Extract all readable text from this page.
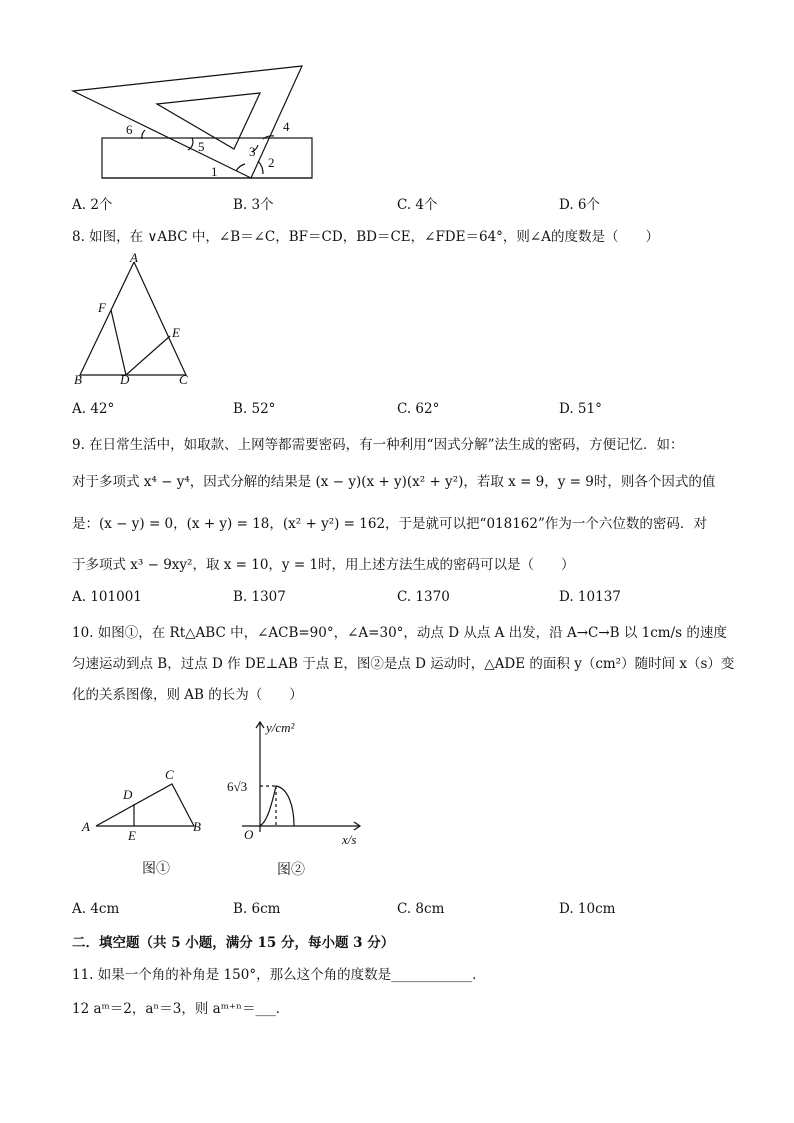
6
5	3
4
2
1
A. 2个	B. 3个	C. 4个	D. 6个
8. 如图，在 ∨ABC 中，∠B＝∠C，BF＝CD，BD＝CE，∠FDE＝64°，则∠A的度数是（　　）
A
F
E
B	D	C
A. 42°	B. 52°	C. 62°	D. 51°
9. 在日常生活中，如取款、上网等都需要密码，有一种利用“因式分解”法生成的密码，方便记忆．如：
对于多项式 x⁴ − y⁴，因式分解的结果是 (x − y)(x + y)(x² + y²)，若取 x = 9，y = 9时，则各个因式的值
是：(x − y) = 0，(x + y) = 18，(x² + y²) = 162，于是就可以把“018162”作为一个六位数的密码．对
于多项式 x³ − 9xy²，取 x = 10，y = 1时，用上述方法生成的密码可以是（　　）
A. 101001	B. 1307	C. 1370	D. 10137
10. 如图①，在 Rt△ABC 中，∠ACB=90°，∠A=30°，动点 D 从点 A 出发，沿 A→C→B 以 1cm/s 的速度
匀速运动到点 B，过点 D 作 DE⊥AB 于点 E，图②是点 D 运动时，△ADE 的面积 y（cm²）随时间 x（s）变
化的关系图像，则 AB 的长为（　　）
C
D
A
E
B
图①
y/cm²
6√3
O	x/s
图②
A. 4cm	B. 6cm	C. 8cm	D. 10cm
二．填空题（共 5 小题，满分 15 分，每小题 3 分）
11. 如果一个角的补角是 150°，那么这个角的度数是____________．
12 aᵐ＝2，aⁿ＝3，则 aᵐ⁺ⁿ＝___．
